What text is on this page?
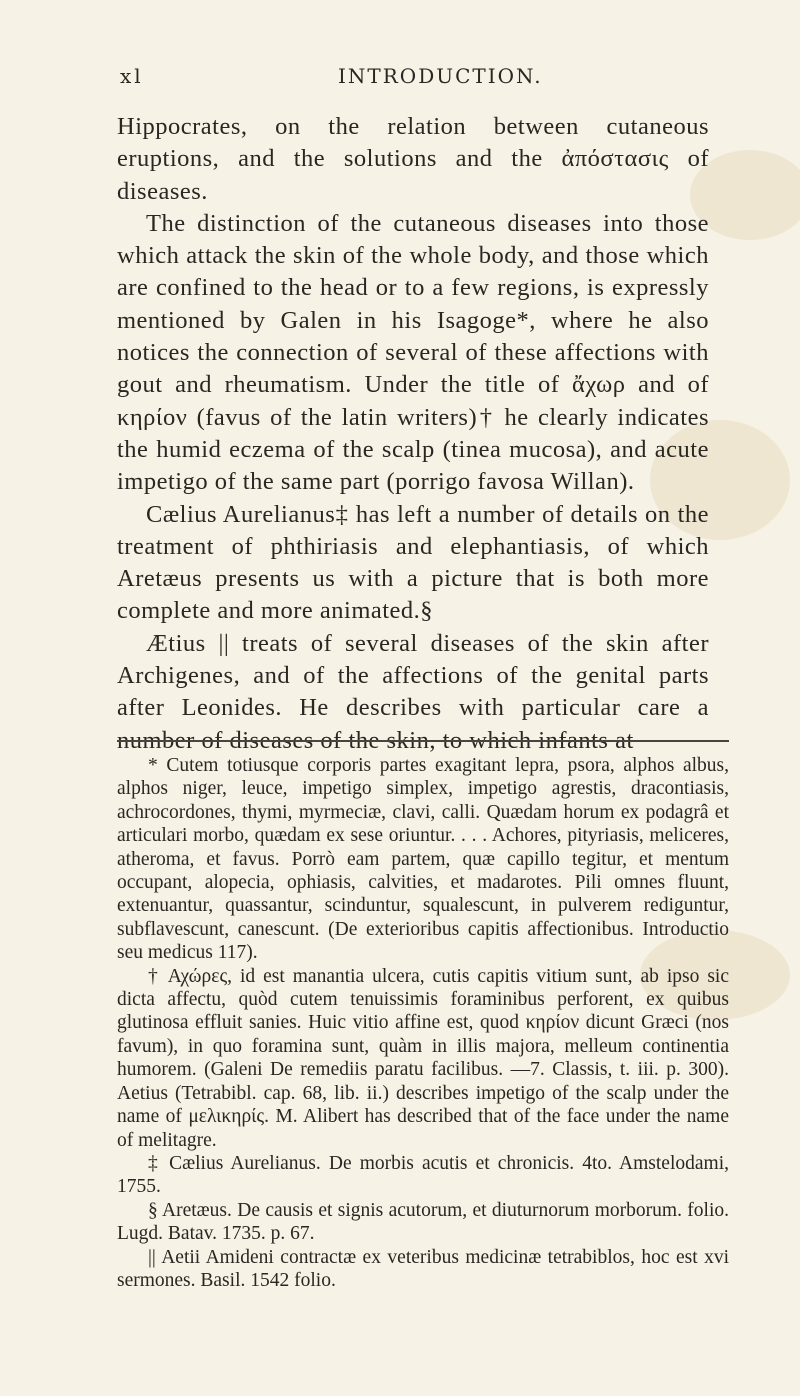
xl	INTRODUCTION.

Hippocrates, on the relation between cutaneous eruptions, and the solutions and the ἀπόστασις of diseases.

The distinction of the cutaneous diseases into those which attack the skin of the whole body, and those which are confined to the head or to a few regions, is expressly mentioned by Galen in his Isagoge*, where he also notices the connection of several of these affections with gout and rheumatism. Under the title of ἄχωρ and of κηρίον (favus of the latin writers)† he clearly indicates the humid eczema of the scalp (tinea mucosa), and acute impetigo of the same part (porrigo favosa Willan).

Cælius Aurelianus‡ has left a number of details on the treatment of phthiriasis and elephantiasis, of which Aretæus presents us with a picture that is both more complete and more animated.§

Ætius || treats of several diseases of the skin after Archigenes, and of the affections of the genital parts after Leonides. He describes with particular care a number of diseases of the skin, to which infants at

* Cutem totiusque corporis partes exagitant lepra, psora, alphos albus, alphos niger, leuce, impetigo simplex, impetigo agrestis, dracontiasis, achrocordones, thymi, myrmeciæ, clavi, calli. Quædam horum ex podagrâ et articulari morbo, quædam ex sese oriuntur. . . . Achores, pityriasis, meliceres, atheroma, et favus. Porrò eam partem, quæ capillo tegitur, et mentum occupant, alopecia, ophiasis, calvities, et madarotes. Pili omnes fluunt, extenuantur, quassantur, scinduntur, squalescunt, in pulverem rediguntur, subflavescunt, canescunt. (De exterioribus capitis affectionibus. Introductio seu medicus 117).

† Αχώρες, id est manantia ulcera, cutis capitis vitium sunt, ab ipso sic dicta affectu, quòd cutem tenuissimis foraminibus perforent, ex quibus glutinosa effluit sanies. Huic vitio affine est, quod κηρίον dicunt Græci (nos favum), in quo foramina sunt, quàm in illis majora, melleum continentia humorem. (Galeni De remediis paratu facilibus. —7. Classis, t. iii. p. 300). Aetius (Tetrabibl. cap. 68, lib. ii.) describes impetigo of the scalp under the name of μελικηρίς. M. Alibert has described that of the face under the name of melitagre.

‡ Cælius Aurelianus. De morbis acutis et chronicis. 4to. Amstelodami, 1755.

§ Aretæus. De causis et signis acutorum, et diuturnorum morborum. folio. Lugd. Batav. 1735. p. 67.

|| Aetii Amideni contractæ ex veteribus medicinæ tetrabiblos, hoc est xvi sermones. Basil. 1542 folio.
